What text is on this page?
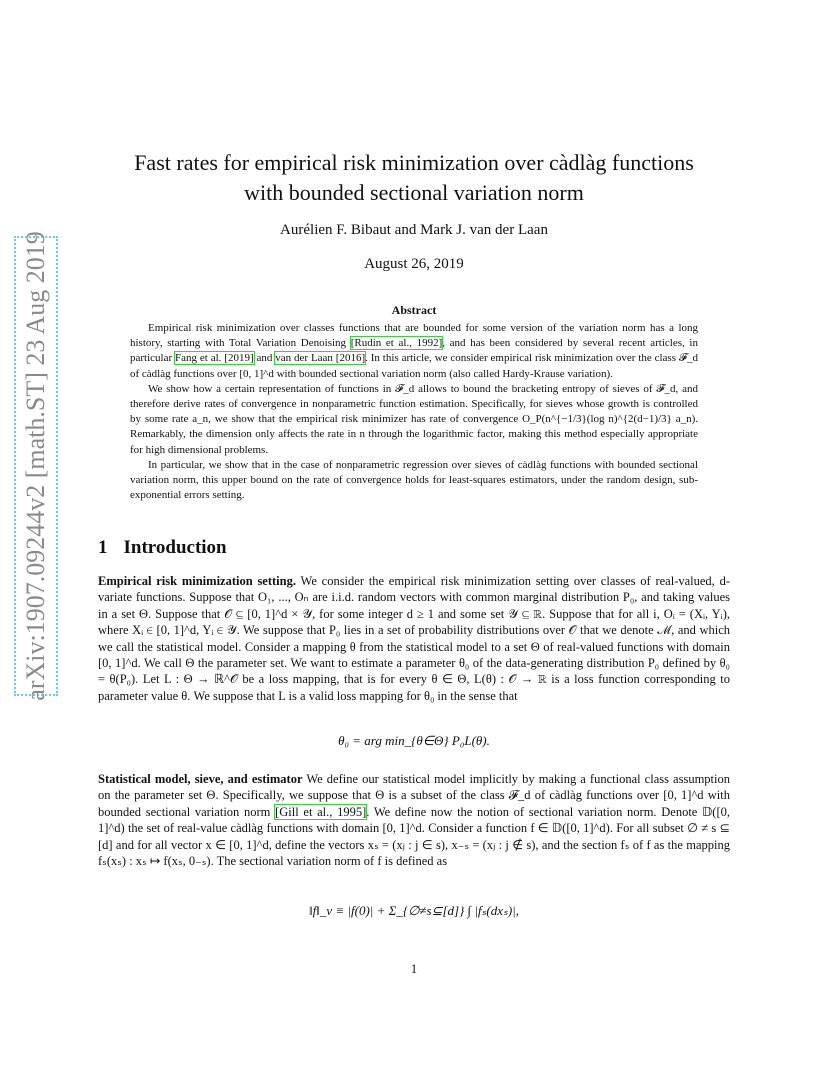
arXiv:1907.09244v2 [math.ST] 23 Aug 2019
Fast rates for empirical risk minimization over càdlàg functions
with bounded sectional variation norm
Aurélien F. Bibaut and Mark J. van der Laan
August 26, 2019
Abstract

Empirical risk minimization over classes functions that are bounded for some version of the variation norm has a long history, starting with Total Variation Denoising [Rudin et al., 1992], and has been considered by several recent articles, in particular Fang et al. [2019] and van der Laan [2016]. In this article, we consider empirical risk minimization over the class 𝓕_d of càdlàg functions over [0, 1]^d with bounded sectional variation norm (also called Hardy-Krause variation).

We show how a certain representation of functions in 𝓕_d allows to bound the bracketing entropy of sieves of 𝓕_d, and therefore derive rates of convergence in nonparametric function estimation. Specifically, for sieves whose growth is controlled by some rate a_n, we show that the empirical risk minimizer has rate of convergence O_P(n^{−1/3}(log n)^{2(d−1)/3} a_n). Remarkably, the dimension only affects the rate in n through the logarithmic factor, making this method especially appropriate for high dimensional problems.

In particular, we show that in the case of nonparametric regression over sieves of càdlàg functions with bounded sectional variation norm, this upper bound on the rate of convergence holds for least-squares estimators, under the random design, sub-exponential errors setting.

1 Introduction

Empirical risk minimization setting. We consider the empirical risk minimization setting over classes of real-valued, d-variate functions. Suppose that O₁, ..., Oₙ are i.i.d. random vectors with common marginal distribution P₀, and taking values in a set Θ. Suppose that 𝒪 ⊆ [0, 1]^d × 𝒴, for some integer d ≥ 1 and some set 𝒴 ⊆ ℝ. Suppose that for all i, Oᵢ = (Xᵢ, Yᵢ), where Xᵢ ∈ [0, 1]^d, Yᵢ ∈ 𝒴. We suppose that P₀ lies in a set of probability distributions over 𝒪 that we denote ℳ, and which we call the statistical model. Consider a mapping θ from the statistical model to a set Θ of real-valued functions with domain [0, 1]^d. We call Θ the parameter set. We want to estimate a parameter θ₀ of the data-generating distribution P₀ defined by θ₀ = θ(P₀). Let L : Θ → ℝ^𝒪 be a loss mapping, that is for every θ ∈ Θ, L(θ) : 𝒪 → ℝ is a loss function corresponding to parameter value θ. We suppose that L is a valid loss mapping for θ₀ in the sense that

θ₀ = arg min_{θ∈Θ} P₀L(θ).

Statistical model, sieve, and estimator We define our statistical model implicitly by making a functional class assumption on the parameter set Θ. Specifically, we suppose that Θ is a subset of the class 𝓕_d of càdlàg functions over [0, 1]^d with bounded sectional variation norm [Gill et al., 1995]. We define now the notion of sectional variation norm. Denote 𝔻([0, 1]^d) the set of real-value càdlàg functions with domain [0, 1]^d. Consider a function f ∈ 𝔻([0, 1]^d). For all subset ∅ ≠ s ⊆ [d] and for all vector x ∈ [0, 1]^d, define the vectors xₛ = (xⱼ : j ∈ s), x₋ₛ = (xⱼ : j ∉ s), and the section fₛ of f as the mapping fₛ(xₛ) : xₛ ↦ f(xₛ, 0₋ₛ). The sectional variation norm of f is defined as

‖f‖_v ≡ |f(0)| + Σ_{∅≠s⊆[d]} ∫ |fₛ(dxₛ)|,
1
